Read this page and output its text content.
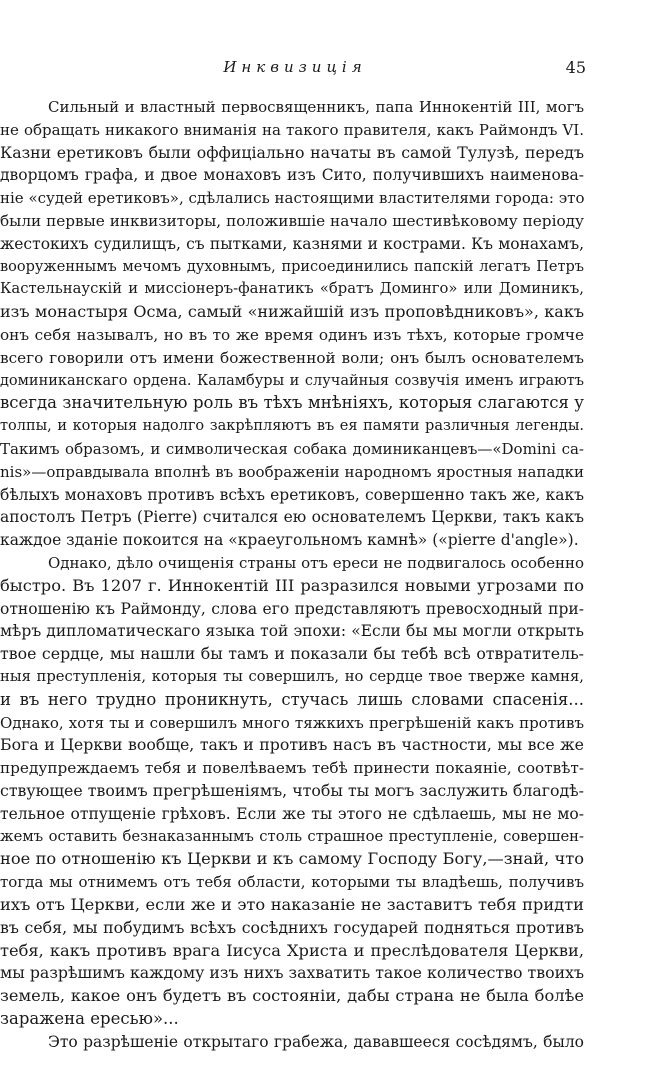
Инквизиція	45
Сильный и властный первосвященникъ, папа Иннокентій III, могъ
не обращать никакого вниманія на такого правителя, какъ Раймондъ VI.
Казни еретиковъ были оффиціально начаты въ самой Тулузѣ, передъ
дворцомъ графа, и двое монаховъ изъ Сито, получившихъ наименова-
ніе «судей еретиковъ», сдѣлались настоящими властителями города: это
были первые инквизиторы, положившіе начало шестивѣковому періоду
жестокихъ судилищъ, съ пытками, казнями и кострами. Къ монахамъ,
вооруженнымъ мечомъ духовнымъ, присоединились папскій легатъ Петръ
Кастельнаускій и миссіонеръ-фанатикъ «братъ Доминго» или Доминикъ,
изъ монастыря Осма, самый «нижайшій изъ проповѣдниковъ», какъ
онъ себя называлъ, но въ то же время одинъ изъ тѣхъ, которые громче
всего говорили отъ имени божественной воли; онъ былъ основателемъ
доминиканскаго ордена. Каламбуры и случайныя созвучія именъ играютъ
всегда значительную роль въ тѣхъ мнѣніяхъ, которыя слагаются у
толпы, и которыя надолго закрѣпляютъ въ ея памяти различныя легенды.
Такимъ образомъ, и символическая собака доминиканцевъ—«Domini ca-
nis»—оправдывала вполнѣ въ воображеніи народномъ яростныя нападки
бѣлыхъ монаховъ противъ всѣхъ еретиковъ, совершенно такъ же, какъ
апостолъ Петръ (Pierre) считался ею основателемъ Церкви, такъ какъ
каждое зданіе покоится на «краеугольномъ камнѣ» («pierre d'angle»).
Однако, дѣло очищенія страны отъ ереси не подвигалось особенно
быстро. Въ 1207 г. Иннокентій III разразился новыми угрозами по
отношенію къ Раймонду, слова его представляютъ превосходный при-
мѣръ дипломатическаго языка той эпохи: «Если бы мы могли открыть
твое сердце, мы нашли бы тамъ и показали бы тебѣ всѣ отвратитель-
ныя преступленія, которыя ты совершилъ, но сердце твое тверже камня,
и въ него трудно проникнуть, стучась лишь словами спасенія...
Однако, хотя ты и совершилъ много тяжкихъ прегрѣшеній какъ противъ
Бога и Церкви вообще, такъ и противъ насъ въ частности, мы все же
предупреждаемъ тебя и повелѣваемъ тебѣ принести покаяніе, соотвѣт-
ствующее твоимъ прегрѣшеніямъ, чтобы ты могъ заслужить благодѣ-
тельное отпущеніе грѣховъ. Если же ты этого не сдѣлаешь, мы не мо-
жемъ оставить безнаказаннымъ столь страшное преступленіе, совершен-
ное по отношенію къ Церкви и къ самому Господу Богу,—знай, что
тогда мы отнимемъ отъ тебя области, которыми ты владѣешь, получивъ
ихъ отъ Церкви, если же и это наказаніе не заставитъ тебя придти
въ себя, мы побудимъ всѣхъ сосѣднихъ государей подняться противъ
тебя, какъ противъ врага Іисуса Христа и преслѣдователя Церкви,
мы разрѣшимъ каждому изъ нихъ захватить такое количество твоихъ
земель, какое онъ будетъ въ состояніи, дабы страна не была болѣе
заражена ересью»...
Это разрѣшеніе открытаго грабежа, дававшееся сосѣдямъ, было
